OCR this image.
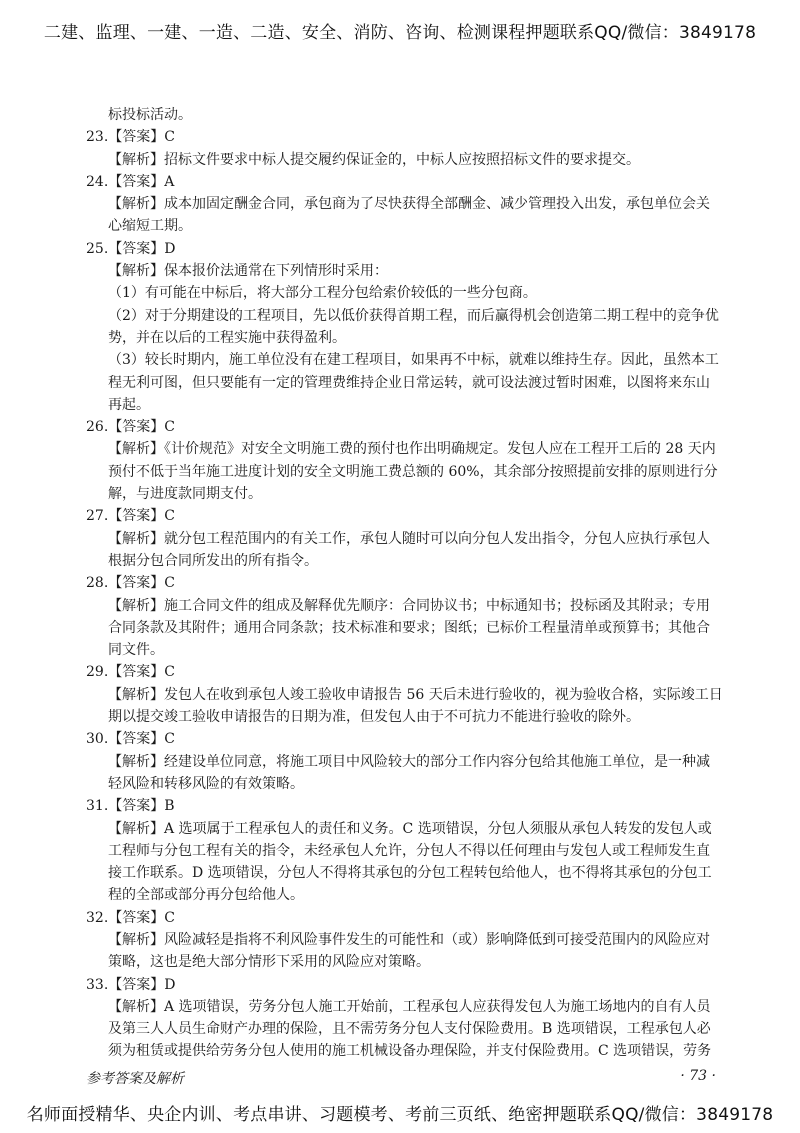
二建、监理、一建、一造、二造、安全、消防、咨询、检测课程押题联系QQ/微信：3849178
标投标活动。
23.【答案】C
【解析】招标文件要求中标人提交履约保证金的，中标人应按照招标文件的要求提交。
24.【答案】A
【解析】成本加固定酬金合同，承包商为了尽快获得全部酬金、减少管理投入出发，承包单位会关
心缩短工期。
25.【答案】D
【解析】保本报价法通常在下列情形时采用：
（1）有可能在中标后，将大部分工程分包给索价较低的一些分包商。
（2）对于分期建设的工程项目，先以低价获得首期工程，而后赢得机会创造第二期工程中的竞争优
势，并在以后的工程实施中获得盈利。
（3）较长时期内，施工单位没有在建工程项目，如果再不中标，就难以维持生存。因此，虽然本工
程无利可图，但只要能有一定的管理费维持企业日常运转，就可设法渡过暂时困难，以图将来东山
再起。
26.【答案】C
【解析】《计价规范》对安全文明施工费的预付也作出明确规定。发包人应在工程开工后的 28 天内
预付不低于当年施工进度计划的安全文明施工费总额的 60%，其余部分按照提前安排的原则进行分
解，与进度款同期支付。
27.【答案】C
【解析】就分包工程范围内的有关工作，承包人随时可以向分包人发出指令，分包人应执行承包人
根据分包合同所发出的所有指令。
28.【答案】C
【解析】施工合同文件的组成及解释优先顺序：合同协议书；中标通知书；投标函及其附录；专用
合同条款及其附件；通用合同条款；技术标准和要求；图纸；已标价工程量清单或预算书；其他合
同文件。
29.【答案】C
【解析】发包人在收到承包人竣工验收申请报告 56 天后未进行验收的，视为验收合格，实际竣工日
期以提交竣工验收申请报告的日期为准，但发包人由于不可抗力不能进行验收的除外。
30.【答案】C
【解析】经建设单位同意，将施工项目中风险较大的部分工作内容分包给其他施工单位，是一种减
轻风险和转移风险的有效策略。
31.【答案】B
【解析】A 选项属于工程承包人的责任和义务。C 选项错误，分包人须服从承包人转发的发包人或
工程师与分包工程有关的指令，未经承包人允许，分包人不得以任何理由与发包人或工程师发生直
接工作联系。D 选项错误，分包人不得将其承包的分包工程转包给他人，也不得将其承包的分包工
程的全部或部分再分包给他人。
32.【答案】C
【解析】风险减轻是指将不利风险事件发生的可能性和（或）影响降低到可接受范围内的风险应对
策略，这也是绝大部分情形下采用的风险应对策略。
33.【答案】D
【解析】A 选项错误，劳务分包人施工开始前，工程承包人应获得发包人为施工场地内的自有人员
及第三人人员生命财产办理的保险，且不需劳务分包人支付保险费用。B 选项错误，工程承包人必
须为租赁或提供给劳务分包人使用的施工机械设备办理保险，并支付保险费用。C 选项错误，劳务
参考答案及解析	· 73 ·
名师面授精华、央企内训、考点串讲、习题模考、考前三页纸、绝密押题联系QQ/微信：3849178
